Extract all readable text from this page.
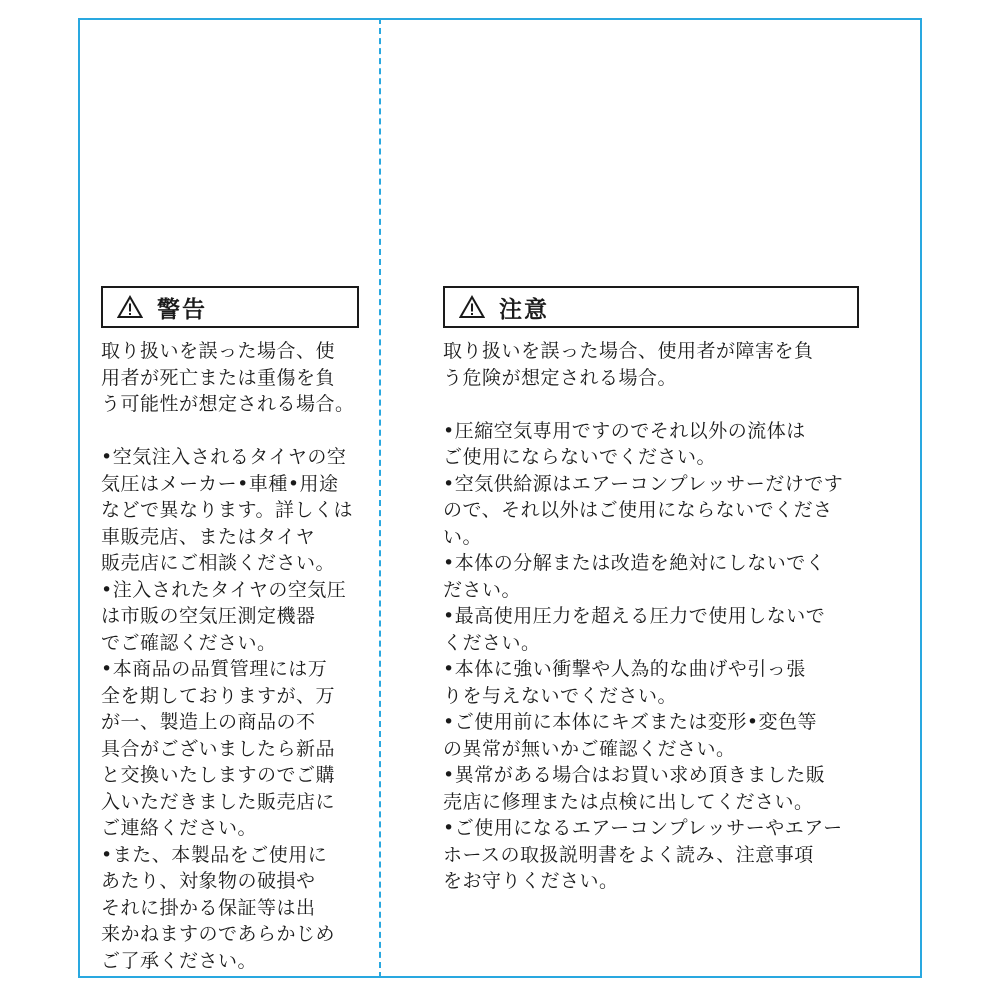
警告

取り扱いを誤った場合、使
用者が死亡または重傷を負
う可能性が想定される場合。

•空気注入されるタイヤの空
気圧はメーカー•車種•用途
などで異なります。詳しくは
車販売店、またはタイヤ
販売店にご相談ください。

•注入されたタイヤの空気圧
は市販の空気圧測定機器
でご確認ください。

•本商品の品質管理には万
全を期しておりますが、万
が一、製造上の商品の不
具合がございましたら新品
と交換いたしますのでご購
入いただきました販売店に
ご連絡ください。

•また、本製品をご使用に
あたり、対象物の破損や
それに掛かる保証等は出
来かねますのであらかじめ
ご了承ください。

注意

取り扱いを誤った場合、使用者が障害を負
う危険が想定される場合。

•圧縮空気専用ですのでそれ以外の流体は
ご使用にならないでください。

•空気供給源はエアーコンプレッサーだけです
ので、それ以外はご使用にならないでください。

•本体の分解または改造を絶対にしないでく
ださい。

•最高使用圧力を超える圧力で使用しないで
ください。

•本体に強い衝撃や人為的な曲げや引っ張
りを与えないでください。

•ご使用前に本体にキズまたは変形•変色等
の異常が無いかご確認ください。

•異常がある場合はお買い求め頂きました販
売店に修理または点検に出してください。

•ご使用になるエアーコンプレッサーやエアー
ホースの取扱説明書をよく読み、注意事項
をお守りください。
